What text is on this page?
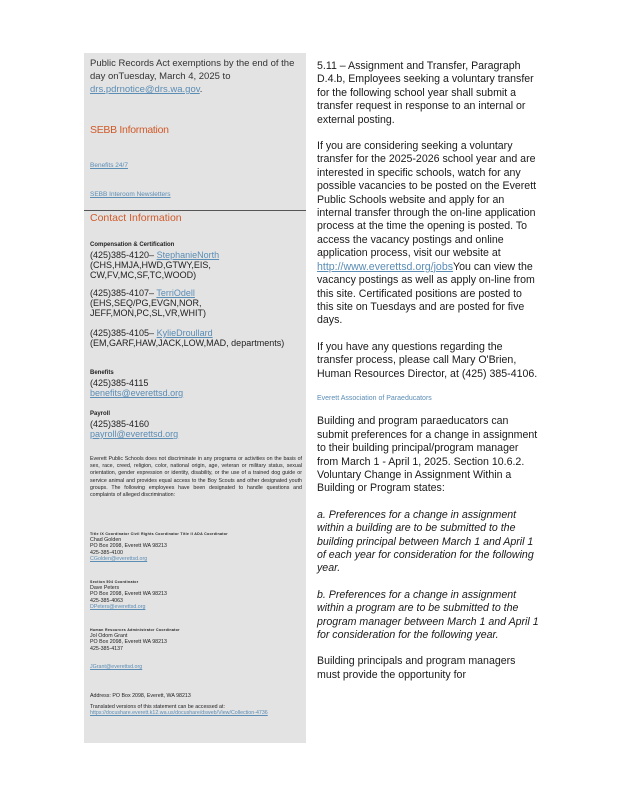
Public Records Act exemptions by the end of the day onTuesday, March 4, 2025 to drs.pdrnotice@drs.wa.gov.
SEBB Information
Benefits 24/7
SEBB Interoom Newsletters
Contact Information
Compensation & Certification
(425)385-4120– StephanieNorth
(CHS,HMJA,HWD,GTWY,EIS, CW,FV,MC,SF,TC,WOOD)
(425)385-4107– TerriOdell
(EHS,SEQ/PG,EVGN,NOR, JEFF,MON,PC,SL,VR,WHIT)
(425)385-4105– KylieDroullard
(EM,GARF,HAW,JACK,LOW,MAD, departments)
Benefits
(425)385-4115
benefits@everettsd.org
Payroll
(425)385-4160
payroll@everettsd.org
Everett Public Schools does not discriminate in any programs or activities on the basis of sex, race, creed, religion, color, national origin, age, veteran or military status, sexual orientation, gender expression or identity, disability, or the use of a trained dog guide or service animal and provides equal access to the Boy Scouts and other designated youth groups. The following employees have been designated to handle questions and complaints of alleged discrimination:
Title IX Coordinator Civil Rights Coordinator Title II ADA Coordinator
Chad Golden
PO Box 2098, Everett WA 98213
425-385-4100
CGolden@everettsd.org
Section 504 Coordinator
Dave Peters
PO Box 2098, Everett WA 98213
425-385-4063
DPeters@everettsd.org
Human Resources Administrator Coordinator
Jol Odom Grant
PO Box 2098, Everett WA 98213
425-385-4137
JGrant@everettsd.org
Address: PO Box 2098, Everett, WA 98213
Translated versions of this statement can be accessed at:
https://docushare.everett.k12.wa.us/docushare/dsweb/View/Collection-4736

5.11 – Assignment and Transfer, Paragraph D.4.b, Employees seeking a voluntary transfer for the following school year shall submit a transfer request in response to an internal or external posting.

If you are considering seeking a voluntary transfer for the 2025-2026 school year and are interested in specific schools, watch for any possible vacancies to be posted on the Everett Public Schools website and apply for an internal transfer through the on-line application process at the time the opening is posted. To access the vacancy postings and online application process, visit our website at http://www.everettsd.org/jobsYou can view the vacancy postings as well as apply on-line from this site. Certificated positions are posted to this site on Tuesdays and are posted for five days.

If you have any questions regarding the transfer process, please call Mary O'Brien, Human Resources Director, at (425) 385-4106.

Everett Association of Paraeducators

Building and program paraeducators can submit preferences for a change in assignment to their building principal/program manager from March 1 - April 1, 2025. Section 10.6.2. Voluntary Change in Assignment Within a Building or Program states:

a. Preferences for a change in assignment within a building are to be submitted to the building principal between March 1 and April 1 of each year for consideration for the following year.

b. Preferences for a change in assignment within a program are to be submitted to the program manager between March 1 and April 1 for consideration for the following year.

Building principals and program managers must provide the opportunity for
